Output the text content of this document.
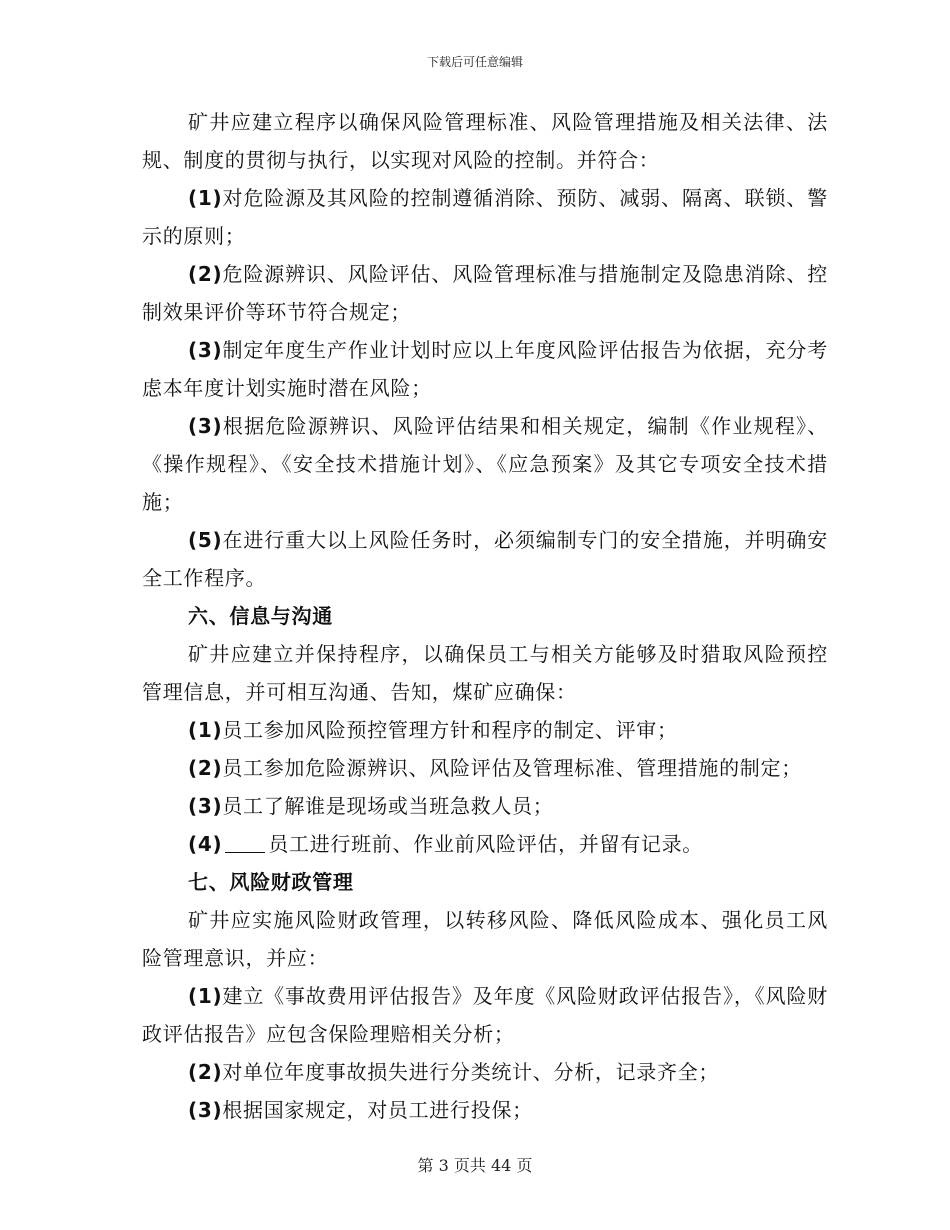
下载后可任意编辑

矿井应建立程序以确保风险管理标准、风险管理措施及相关法律、法规、制度的贯彻与执行，以实现对风险的控制。并符合：

(1)对危险源及其风险的控制遵循消除、预防、减弱、隔离、联锁、警示的原则；

(2)危险源辨识、风险评估、风险管理标准与措施制定及隐患消除、控制效果评价等环节符合规定；

(3)制定年度生产作业计划时应以上年度风险评估报告为依据，充分考虑本年度计划实施时潜在风险；

(3)根据危险源辨识、风险评估结果和相关规定，编制《作业规程》、《操作规程》、《安全技术措施计划》、《应急预案》及其它专项安全技术措施；

(5)在进行重大以上风险任务时，必须编制专门的安全措施，并明确安全工作程序。

六、信息与沟通

矿井应建立并保持程序，以确保员工与相关方能够及时猎取风险预控管理信息，并可相互沟通、告知，煤矿应确保：

(1)员工参加风险预控管理方针和程序的制定、评审；

(2)员工参加危险源辨识、风险评估及管理标准、管理措施的制定；

(3)员工了解谁是现场或当班急救人员；

(4) 员工进行班前、作业前风险评估，并留有记录。

七、风险财政管理

矿井应实施风险财政管理，以转移风险、降低风险成本、强化员工风险管理意识，并应：

(1)建立《事故费用评估报告》及年度《风险财政评估报告》，《风险财政评估报告》应包含保险理赔相关分析；

(2)对单位年度事故损失进行分类统计、分析，记录齐全；

(3)根据国家规定，对员工进行投保；

第 3 页共 44 页
